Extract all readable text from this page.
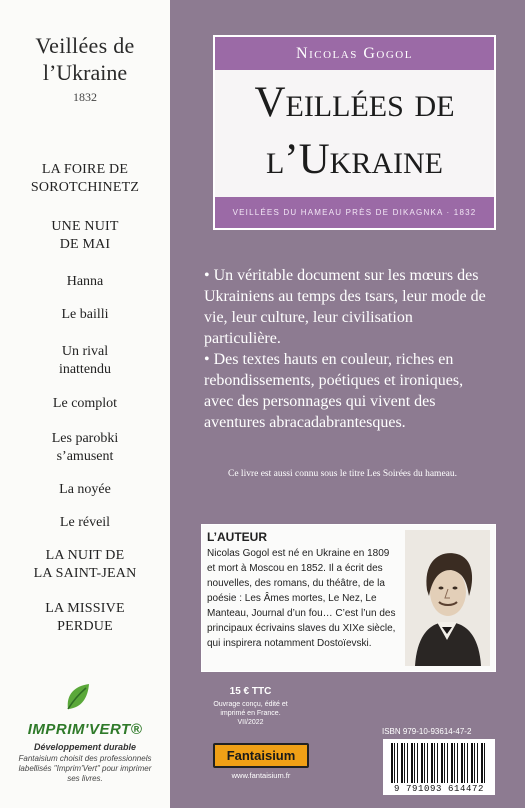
Veillées de
l’Ukraine
1832
LA FOIRE DE
SOROTCHINETZ
UNE NUIT
DE MAI
Hanna
Le bailli
Un rival
inattendu
Le complot
Les parobki
s’amusent
La noyée
Le réveil
LA NUIT DE
LA SAINT-JEAN
LA MISSIVE
PERDUE
IMPRIM'VERT®
Développement durable
Fantaisium choisit des professionnels labellisés "Imprim'Vert" pour imprimer ses livres.
Nicolas Gogol
Veillées de
l’Ukraine
VEILLÉES DU HAMEAU PRÈS DE DIKAGNKA · 1832
• Un véritable document sur les mœurs des Ukrainiens au temps des tsars, leur mode de vie, leur culture, leur civilisation particulière.
• Des textes hauts en couleur, riches en rebondissements, poétiques et ironiques, avec des personnages qui vivent des aventures abracadabrantesques.
Ce livre est aussi connu sous le titre Les Soirées du hameau.
L’AUTEUR
Nicolas Gogol est né en Ukraine en 1809 et mort à Moscou en 1852. Il a écrit des nouvelles, des romans, du théâtre, de la poésie : Les Âmes mortes, Le Nez, Le Manteau, Journal d’un fou… C’est l’un des principaux écrivains slaves du XIXe siècle, qui inspirera notamment Dostoïevski.
15 € TTC
Ouvrage conçu, édité et imprimé en France. VII/2022
Fantaisium
www.fantaisium.fr
ISBN 979-10-93614-47-2
9 791093 614472
